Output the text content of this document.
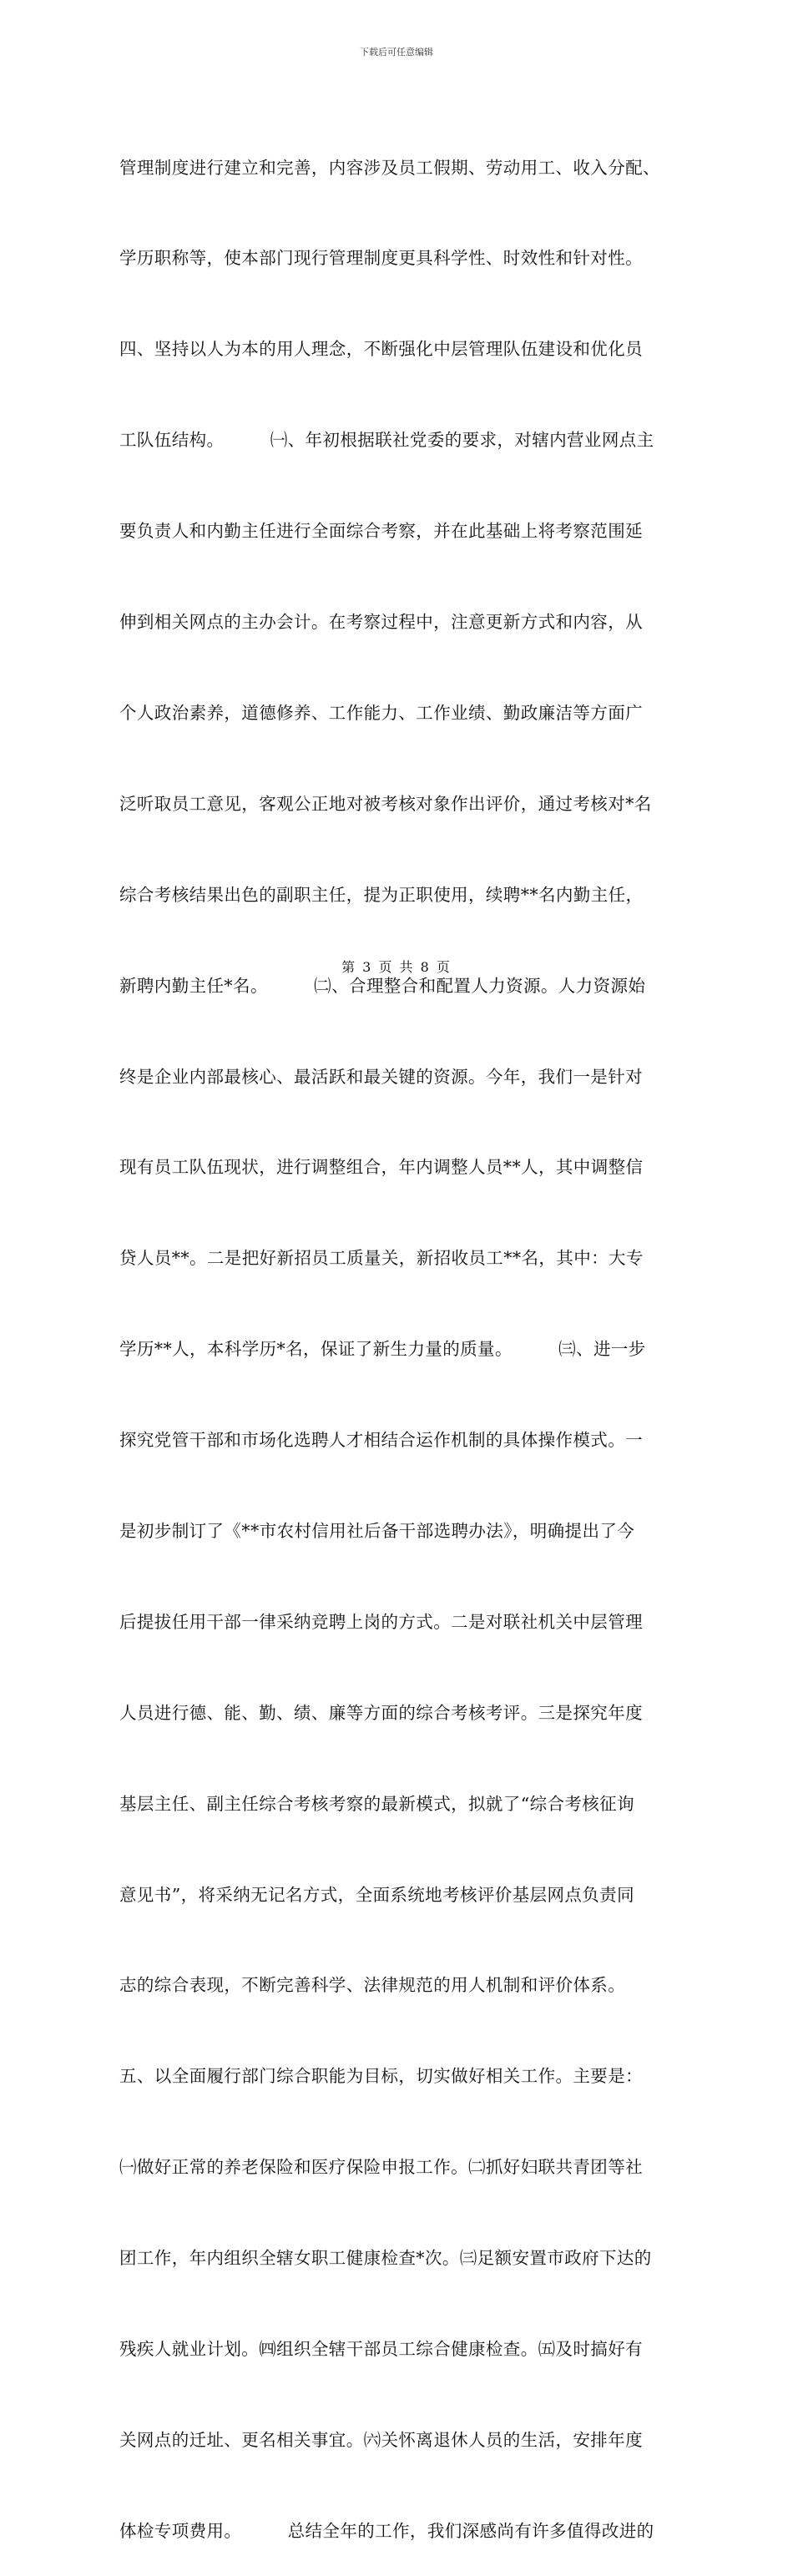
下载后可任意编辑

管理制度进行建立和完善，内容涉及员工假期、劳动用工、收入分配、

学历职称等，使本部门现行管理制度更具科学性、时效性和针对性。

四、坚持以人为本的用人理念，不断强化中层管理队伍建设和优化员

工队伍结构。        ㈠、年初根据联社党委的要求，对辖内营业网点主

要负责人和内勤主任进行全面综合考察，并在此基础上将考察范围延

伸到相关网点的主办会计。在考察过程中，注意更新方式和内容，从

个人政治素养，道德修养、工作能力、工作业绩、勤政廉洁等方面广

泛听取员工意见，客观公正地对被考核对象作出评价，通过考核对*名

综合考核结果出色的副职主任，提为正职使用，续聘**名内勤主任，

新聘内勤主任*名。        ㈡、合理整合和配置人力资源。人力资源始

终是企业内部最核心、最活跃和最关键的资源。今年，我们一是针对

现有员工队伍现状，进行调整组合，年内调整人员**人，其中调整信

贷人员**。二是把好新招员工质量关，新招收员工**名，其中：大专

学历**人，本科学历*名，保证了新生力量的质量。        ㈢、进一步

探究党管干部和市场化选聘人才相结合运作机制的具体操作模式。一

是初步制订了《**市农村信用社后备干部选聘办法》，明确提出了今

后提拔任用干部一律采纳竞聘上岗的方式。二是对联社机关中层管理

人员进行德、能、勤、绩、廉等方面的综合考核考评。三是探究年度

基层主任、副主任综合考核考察的最新模式，拟就了“综合考核征询

意见书”，将采纳无记名方式，全面系统地考核评价基层网点负责同

志的综合表现，不断完善科学、法律规范的用人机制和评价体系。

五、以全面履行部门综合职能为目标，切实做好相关工作。主要是：

㈠做好正常的养老保险和医疗保险申报工作。㈡抓好妇联共青团等社

团工作，年内组织全辖女职工健康检查*次。㈢足额安置市政府下达的

残疾人就业计划。㈣组织全辖干部员工综合健康检查。㈤及时搞好有

关网点的迁址、更名相关事宜。㈥关怀离退休人员的生活，安排年度

体检专项费用。        总结全年的工作，我们深感尚有许多值得改进的

第 3 页 共 8 页
